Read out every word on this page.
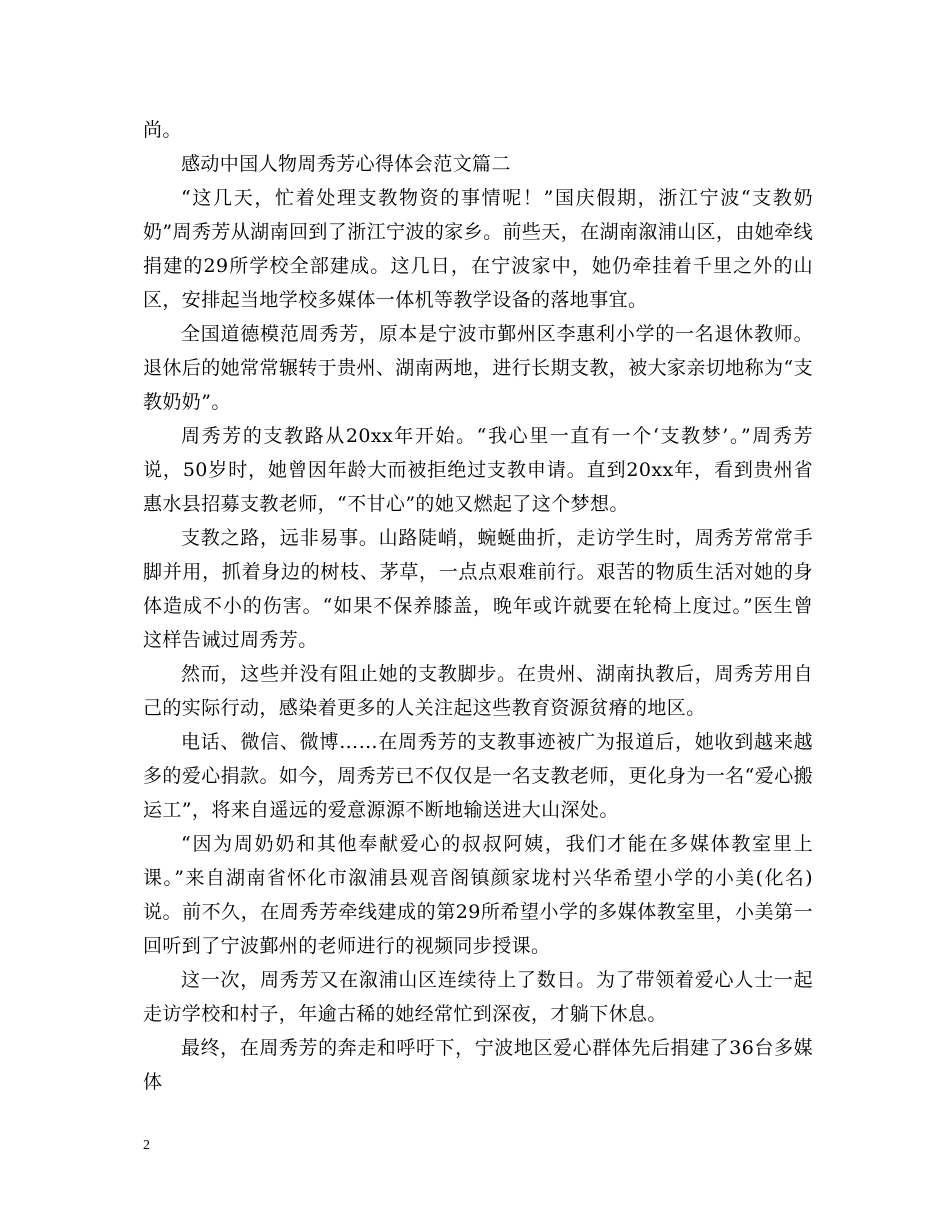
尚。

感动中国人物周秀芳心得体会范文篇二

“这几天，忙着处理支教物资的事情呢！”国庆假期，浙江宁波“支教奶奶”周秀芳从湖南回到了浙江宁波的家乡。前些天，在湖南溆浦山区，由她牵线捐建的29所学校全部建成。这几日，在宁波家中，她仍牵挂着千里之外的山区，安排起当地学校多媒体一体机等教学设备的落地事宜。

全国道德模范周秀芳，原本是宁波市鄞州区李惠利小学的一名退休教师。退休后的她常常辗转于贵州、湖南两地，进行长期支教，被大家亲切地称为“支教奶奶”。

周秀芳的支教路从20xx年开始。“我心里一直有一个‘支教梦’。”周秀芳说，50岁时，她曾因年龄大而被拒绝过支教申请。直到20xx年，看到贵州省惠水县招募支教老师，“不甘心”的她又燃起了这个梦想。

支教之路，远非易事。山路陡峭，蜿蜒曲折，走访学生时，周秀芳常常手脚并用，抓着身边的树枝、茅草，一点点艰难前行。艰苦的物质生活对她的身体造成不小的伤害。“如果不保养膝盖，晚年或许就要在轮椅上度过。”医生曾这样告诫过周秀芳。

然而，这些并没有阻止她的支教脚步。在贵州、湖南执教后，周秀芳用自己的实际行动，感染着更多的人关注起这些教育资源贫瘠的地区。

电话、微信、微博……在周秀芳的支教事迹被广为报道后，她收到越来越多的爱心捐款。如今，周秀芳已不仅仅是一名支教老师，更化身为一名“爱心搬运工”，将来自遥远的爱意源源不断地输送进大山深处。

“因为周奶奶和其他奉献爱心的叔叔阿姨，我们才能在多媒体教室里上课。”来自湖南省怀化市溆浦县观音阁镇颜家垅村兴华希望小学的小美(化名)说。前不久，在周秀芳牵线建成的第29所希望小学的多媒体教室里，小美第一回听到了宁波鄞州的老师进行的视频同步授课。

这一次，周秀芳又在溆浦山区连续待上了数日。为了带领着爱心人士一起走访学校和村子，年逾古稀的她经常忙到深夜，才躺下休息。

最终，在周秀芳的奔走和呼吁下，宁波地区爱心群体先后捐建了36台多媒体

2
